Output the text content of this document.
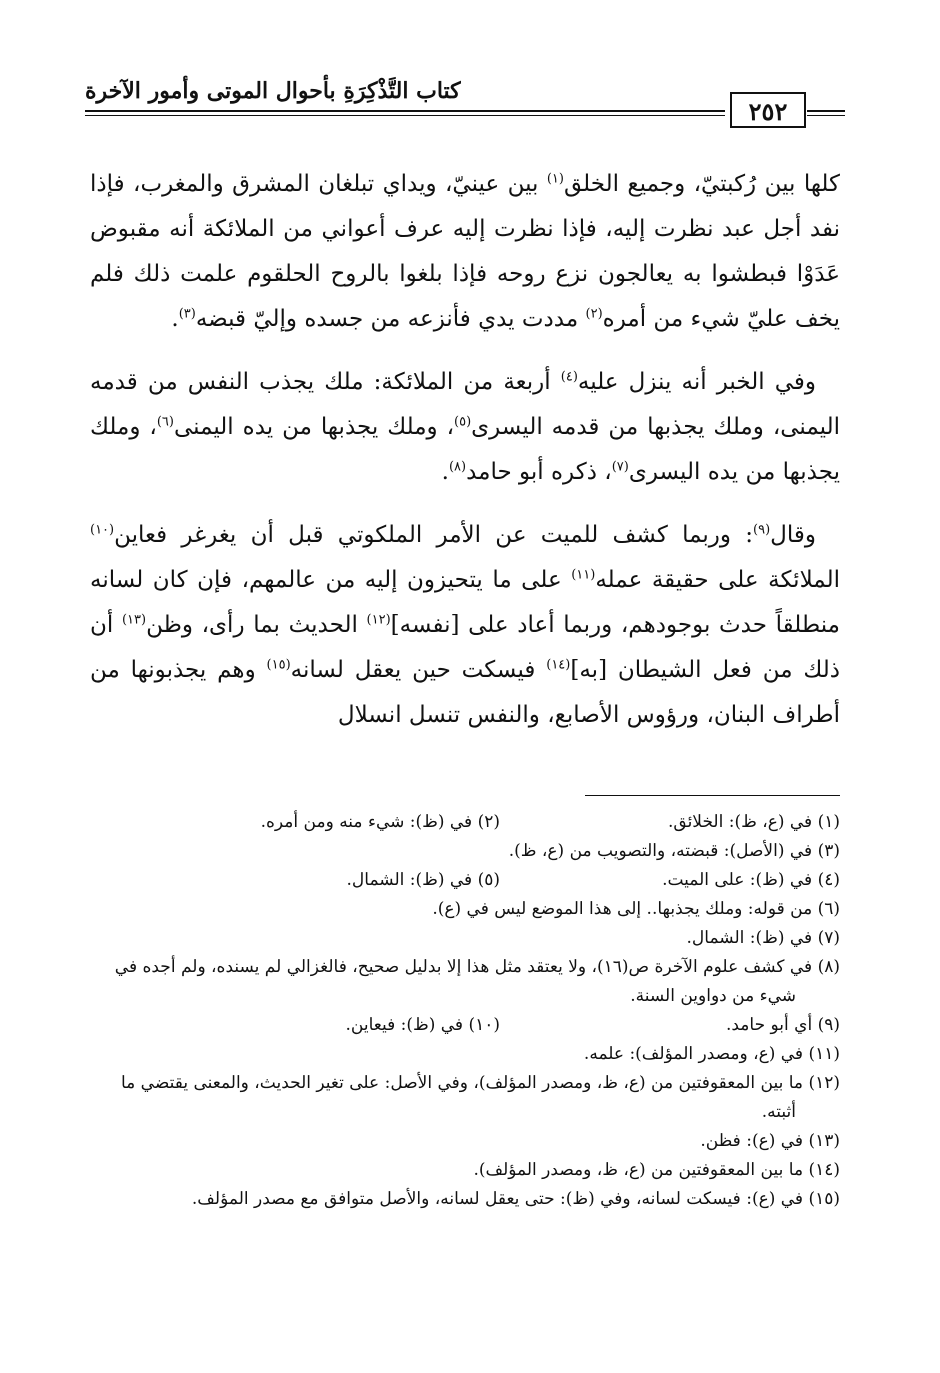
كتاب التَّذْكِرَةِ بأحوال الموتى وأمور الآخرة
٢٥٢

كلها بين رُكبتيّ، وجميع الخلق$^{(١)}$ بين عينيّ، ويداي تبلغان المشرق والمغرب، فإذا نفد أجل عبد نظرت إليه، فإذا نظرت إليه عرف أعواني من الملائكة أنه مقبوض عَدَوْا فبطشوا به يعالجون نزع روحه فإذا بلغوا بالروح الحلقوم علمت ذلك فلم يخف عليّ شيء من أمره$^{(٢)}$ مددت يدي فأنزعه من جسده وإليّ قبضه$^{(٣)}$.

وفي الخبر أنه ينزل عليه$^{(٤)}$ أربعة من الملائكة: ملك يجذب النفس من قدمه اليمنى، وملك يجذبها من قدمه اليسرى$^{(٥)}$، وملك يجذبها من يده اليمنى$^{(٦)}$، وملك يجذبها من يده اليسرى$^{(٧)}$، ذكره أبو حامد$^{(٨)}$.

وقال$^{(٩)}$: وربما كشف للميت عن الأمر الملكوتي قبل أن يغرغر فعاين$^{(١٠)}$ الملائكة على حقيقة عمله$^{(١١)}$ على ما يتحيزون إليه من عالمهم، فإن كان لسانه منطلقاً حدث بوجودهم، وربما أعاد على [نفسه]$^{(١٢)}$ الحديث بما رأى، وظن$^{(١٣)}$ أن ذلك من فعل الشيطان [به]$^{(١٤)}$ فيسكت حين يعقل لسانه$^{(١٥)}$ وهم يجذبونها من أطراف البنان، ورؤوس الأصابع، والنفس تنسل انسلال

(١) في (ع، ظ): الخلائق.
(٢) في (ظ): شيء منه ومن أمره.
(٣) في (الأصل): قبضته، والتصويب من (ع، ظ).
(٤) في (ظ): على الميت.
(٥) في (ظ): الشمال.
(٦) من قوله: وملك يجذبها.. إلى هذا الموضع ليس في (ع).
(٧) في (ظ): الشمال.
(٨) في كشف علوم الآخرة ص(١٦)، ولا يعتقد مثل هذا إلا بدليل صحيح، فالغزالي لم يسنده، ولم أجده في شيء من دواوين السنة.
(٩) أي أبو حامد.
(١٠) في (ظ): فيعاين.
(١١) في (ع، ومصدر المؤلف): علمه.
(١٢) ما بين المعقوفتين من (ع، ظ، ومصدر المؤلف)، وفي الأصل: على تغير الحديث، والمعنى يقتضي ما أثبته.
(١٣) في (ع): فظن.
(١٤) ما بين المعقوفتين من (ع، ظ، ومصدر المؤلف).
(١٥) في (ع): فيسكت لسانه، وفي (ظ): حتى يعقل لسانه، والأصل متوافق مع مصدر المؤلف.
